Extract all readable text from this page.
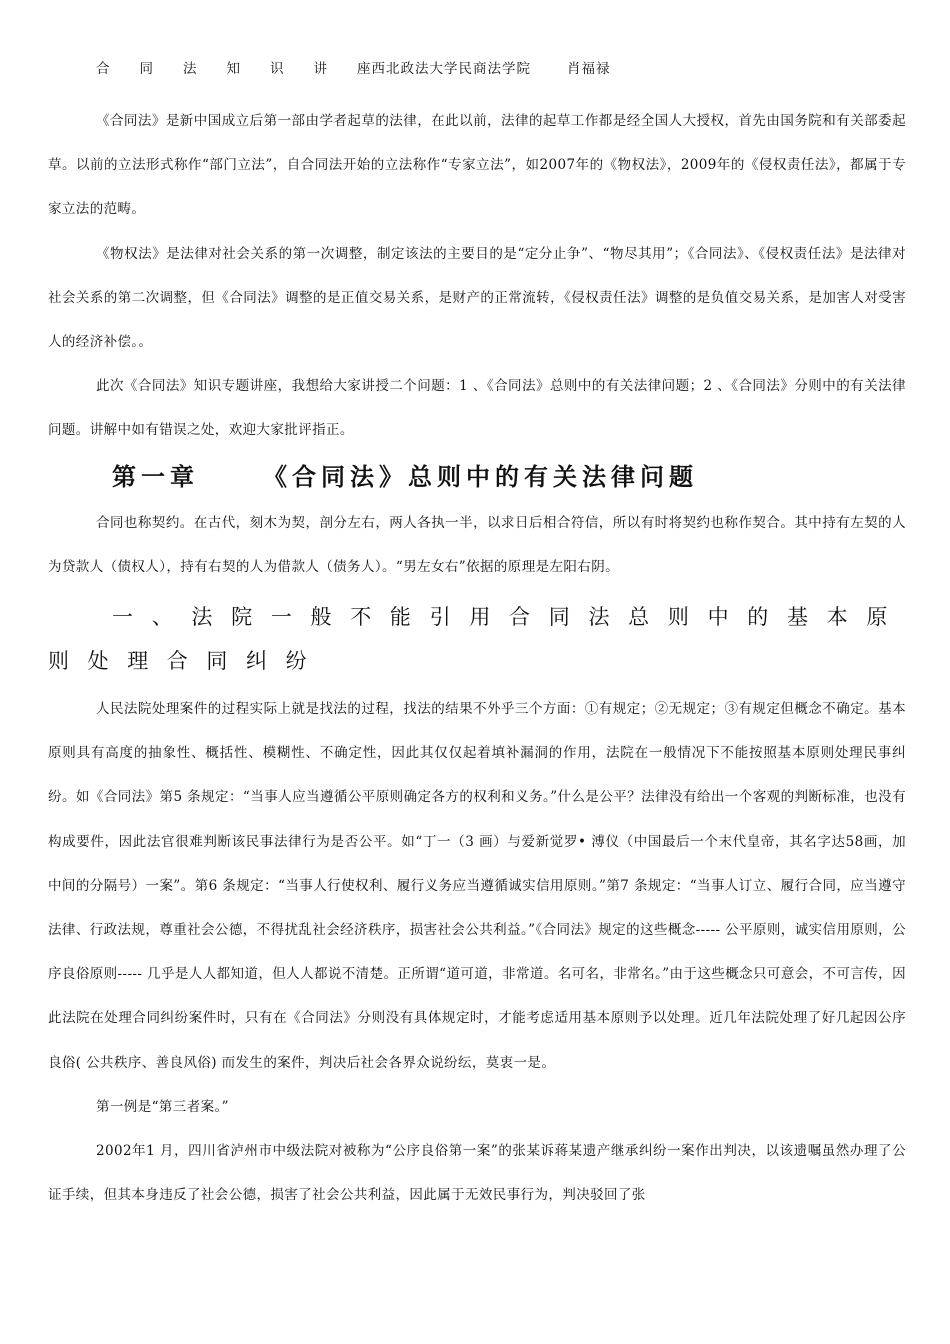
合同法知识讲座西北政法大学民商法学院	肖福禄

《合同法》是新中国成立后第一部由学者起草的法律，在此以前，法律的起草工作都是经全国人大授权，首先由国务院和有关部委起　草。以前的立法形式称作“部门立法”，自合同法开始的立法称作“专家立法”，如2007年的《物权法》，2009年的《侵权责任法》，都属于专家立法的范畴。

《物权法》是法律对社会关系的第一次调整，制定该法的主要目的是“定分止争”、“物尽其用”；《合同法》、《侵权责任法》是法律对社会关系的第二次调整，但《合同法》调整的是正值交易关系，是财产的正常流转，《侵权责任法》调整的是负值交易关系，是加害人对受害人的经济补偿。。

此次《合同法》知识专题讲座，我想给大家讲授二个问题：1 、《合同法》总则中的有关法律问题；2 、《合同法》分则中的有关法律问题。讲解中如有错误之处，欢迎大家批评指正。

第一章	《合同法》总则中的有关法律问题

合同也称契约。在古代，刻木为契，剖分左右，两人各执一半，以求日后相合符信，所以有时将契约也称作契合。其中持有左契的人为贷款人（债权人），持有右契的人为借款人（债务人）。“男左女右”依据的原理是左阳右阴。

一、法院一般不能引用合同法总则中的基本原则处理合同纠纷

人民法院处理案件的过程实际上就是找法的过程，找法的结果不外乎三个方面：①有规定；②无规定；③有规定但概念不确定。基本原则具有高度的抽象性、概括性、模糊性、不确定性，因此其仅仅起着填补漏洞的作用，法院在一般情况下不能按照基本原则处理民事纠纷。如《合同法》第5 条规定：“当事人应当遵循公平原则确定各方的权利和义务。”什么是公平？法律没有给出一个客观的判断标准，也没有构成要件，因此法官很难判断该民事法律行为是否公平。如“丁一（3 画）与爱新觉罗• 溥仪（中国最后一个末代皇帝，其名字达58画，加中间的分隔号）一案”。第6 条规定：“当事人行使权利、履行义务应当遵循诚实信用原则。”第7 条规定：“当事人订立、履行合同，应当遵守法律、行政法规，尊重社会公德，不得扰乱社会经济秩序，损害社会公共利益。”《合同法》规定的这些概念----- 公平原则，诚实信用原则，公序良俗原则----- 几乎是人人都知道，但人人都说不清楚。正所谓“道可道，非常道。名可名，非常名。”由于这些概念只可意会，不可言传，因此法院在处理合同纠纷案件时，只有在《合同法》分则没有具体规定时，才能考虑适用基本原则予以处理。近几年法院处理了好几起因公序良俗( 公共秩序、善良风俗) 而发生的案件，判决后社会各界众说纷纭，莫衷一是。

第一例是“第三者案。”

2002年1 月，四川省泸州市中级法院对被称为“公序良俗第一案”的张某诉蒋某遗产继承纠纷一案作出判决，以该遗嘱虽然办理了公证手续，但其本身违反了社会公德，损害了社会公共利益，因此属于无效民事行为，判决驳回了张
